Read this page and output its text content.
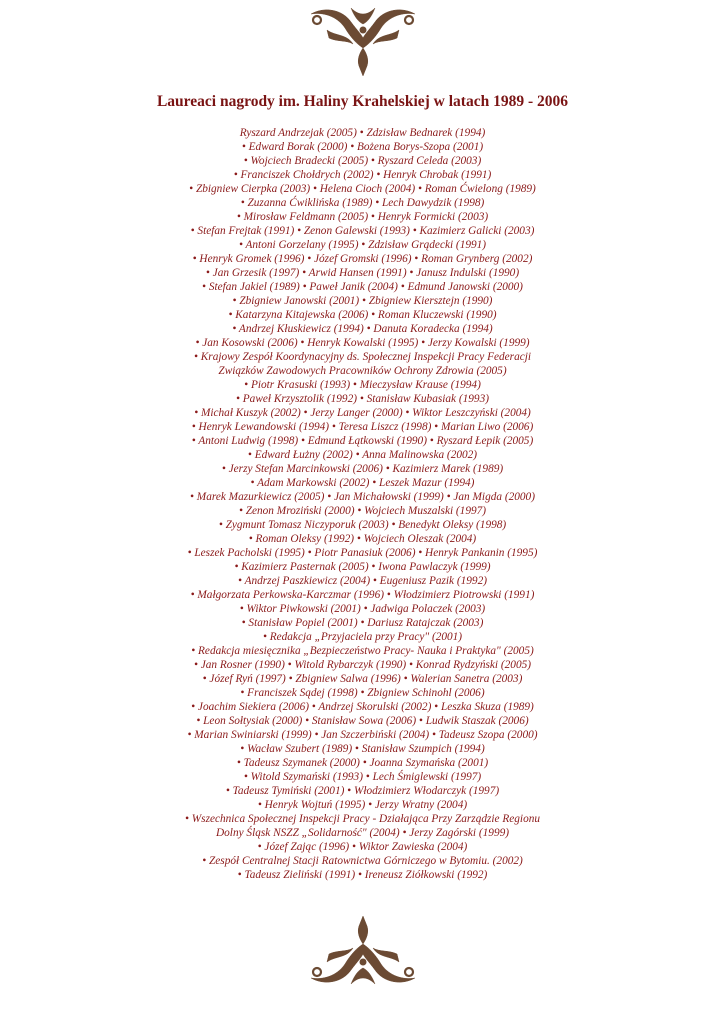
Laureaci nagrody im. Haliny Krahelskiej w latach 1989 - 2006
Ryszard Andrzejak (2005) • Zdzisław Bednarek (1994)
• Edward Borak (2000) • Bożena Borys-Szopa (2001)
• Wojciech Bradecki (2005) • Ryszard Celeda (2003)
• Franciszek Chołdrych (2002) • Henryk Chrobak (1991)
• Zbigniew Cierpka (2003) • Helena Cioch (2004) • Roman Ćwielong (1989)
• Zuzanna Ćwiklińska (1989) • Lech Dawydzik (1998)
• Mirosław Feldmann (2005) • Henryk Formicki (2003)
• Stefan Frejtak (1991) • Zenon Galewski (1993) • Kazimierz Galicki (2003)
• Antoni Gorzelany (1995) • Zdzisław Grądecki (1991)
• Henryk Gromek (1996) • Józef Gromski (1996) • Roman Grynberg (2002)
• Jan Grzesik (1997) • Arwid Hansen (1991) • Janusz Indulski (1990)
• Stefan Jakiel (1989) • Paweł Janik (2004) • Edmund Janowski (2000)
• Zbigniew Janowski (2001) • Zbigniew Kiersztejn (1990)
• Katarzyna Kitajewska (2006) • Roman Kluczewski (1990)
• Andrzej Kłuskiewicz (1994) • Danuta Koradecka (1994)
• Jan Kosowski (2006) • Henryk Kowalski (1995) • Jerzy Kowalski (1999)
• Krajowy Zespół Koordynacyjny ds. Społecznej Inspekcji Pracy Federacji
Związków Zawodowych Pracowników Ochrony Zdrowia (2005)
• Piotr Krasuski (1993) • Mieczysław Krause (1994)
• Paweł Krzysztolik (1992) • Stanisław Kubasiak (1993)
• Michał Kuszyk (2002) • Jerzy Langer (2000) • Wiktor Leszczyński (2004)
• Henryk Lewandowski (1994) • Teresa Liszcz (1998) • Marian Liwo (2006)
• Antoni Ludwig (1998) • Edmund Łątkowski (1990) • Ryszard Łepik (2005)
• Edward Łużny (2002) • Anna Malinowska (2002)
• Jerzy Stefan Marcinkowski (2006) • Kazimierz Marek (1989)
• Adam Markowski (2002) • Leszek Mazur (1994)
• Marek Mazurkiewicz (2005) • Jan Michałowski (1999) • Jan Migda (2000)
• Zenon Mroziński (2000) • Wojciech Muszalski (1997)
• Zygmunt Tomasz Niczyporuk (2003) • Benedykt Oleksy (1998)
• Roman Oleksy (1992) • Wojciech Oleszak (2004)
• Leszek Pacholski (1995) • Piotr Panasiuk (2006) • Henryk Pankanin (1995)
• Kazimierz Pasternak (2005) • Iwona Pawlaczyk (1999)
• Andrzej Paszkiewicz (2004) • Eugeniusz Pazik (1992)
• Małgorzata Perkowska-Karczmar (1996) • Włodzimierz Piotrowski (1991)
• Wiktor Piwkowski (2001) • Jadwiga Polaczek (2003)
• Stanisław Popiel (2001) • Dariusz Ratajczak (2003)
• Redakcja „Przyjaciela przy Pracy" (2001)
• Redakcja miesięcznika „Bezpieczeństwo Pracy- Nauka i Praktyka" (2005)
• Jan Rosner (1990) • Witold Rybarczyk (1990) • Konrad Rydzyński (2005)
• Józef Ryń (1997) • Zbigniew Salwa (1996) • Walerian Sanetra (2003)
• Franciszek Sądej (1998) • Zbigniew Schinohl (2006)
• Joachim Siekiera (2006) • Andrzej Skorulski (2002) • Leszka Skuza (1989)
• Leon Sołtysiak (2000) • Stanisław Sowa (2006) • Ludwik Staszak (2006)
• Marian Swiniarski (1999) • Jan Szczerbiński (2004) • Tadeusz Szopa (2000)
• Wacław Szubert (1989) • Stanisław Szumpich (1994)
• Tadeusz Szymanek (2000) • Joanna Szymańska (2001)
• Witold Szymański (1993) • Lech Śmiglewski (1997)
• Tadeusz Tymiński (2001) • Włodzimierz Włodarczyk (1997)
• Henryk Wojtuń (1995) • Jerzy Wratny (2004)
• Wszechnica Społecznej Inspekcji Pracy - Działająca Przy Zarządzie Regionu
Dolny Śląsk NSZZ „Solidarność" (2004) • Jerzy Zagórski (1999)
• Józef Zając (1996) • Wiktor Zawieska (2004)
• Zespół Centralnej Stacji Ratownictwa Górniczego w Bytomiu. (2002)
• Tadeusz Zieliński (1991) • Ireneusz Ziółkowski (1992)
